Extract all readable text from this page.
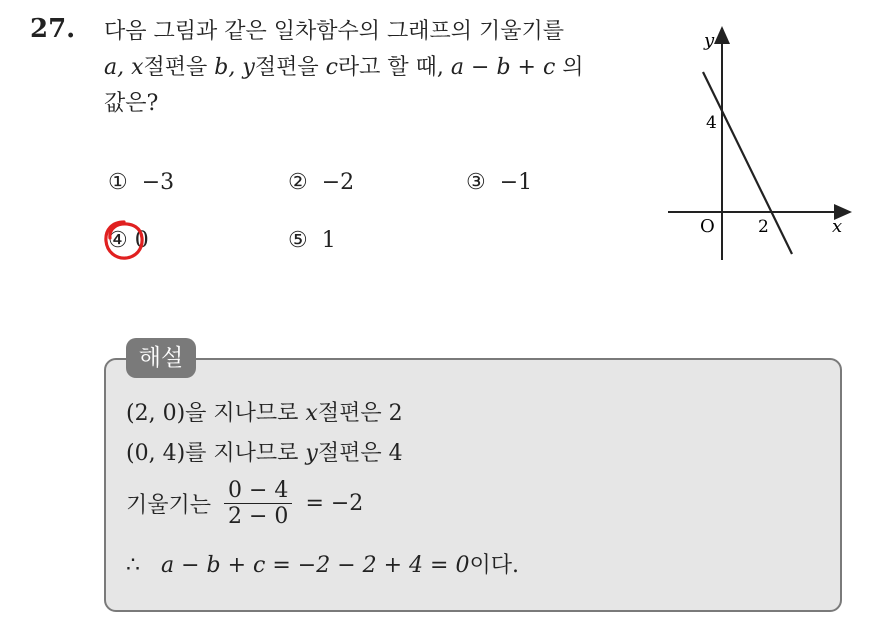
27. 다음 그림과 같은 일차함수의 그래프의 기울기를
a, x절편을 b, y절편을 c라고 할 때, a − b + c 의
값은?
① −3	② −2	③ −1
④ 0	⑤ 1
y
x
O
4
2
해설
(2, 0)을 지나므로 x절편은 2
(0, 4)를 지나므로 y절편은 4
기울기는 $\frac{0 - 4}{2 - 0} = -2$
∴ a − b + c = −2 − 2 + 4 = 0이다.
